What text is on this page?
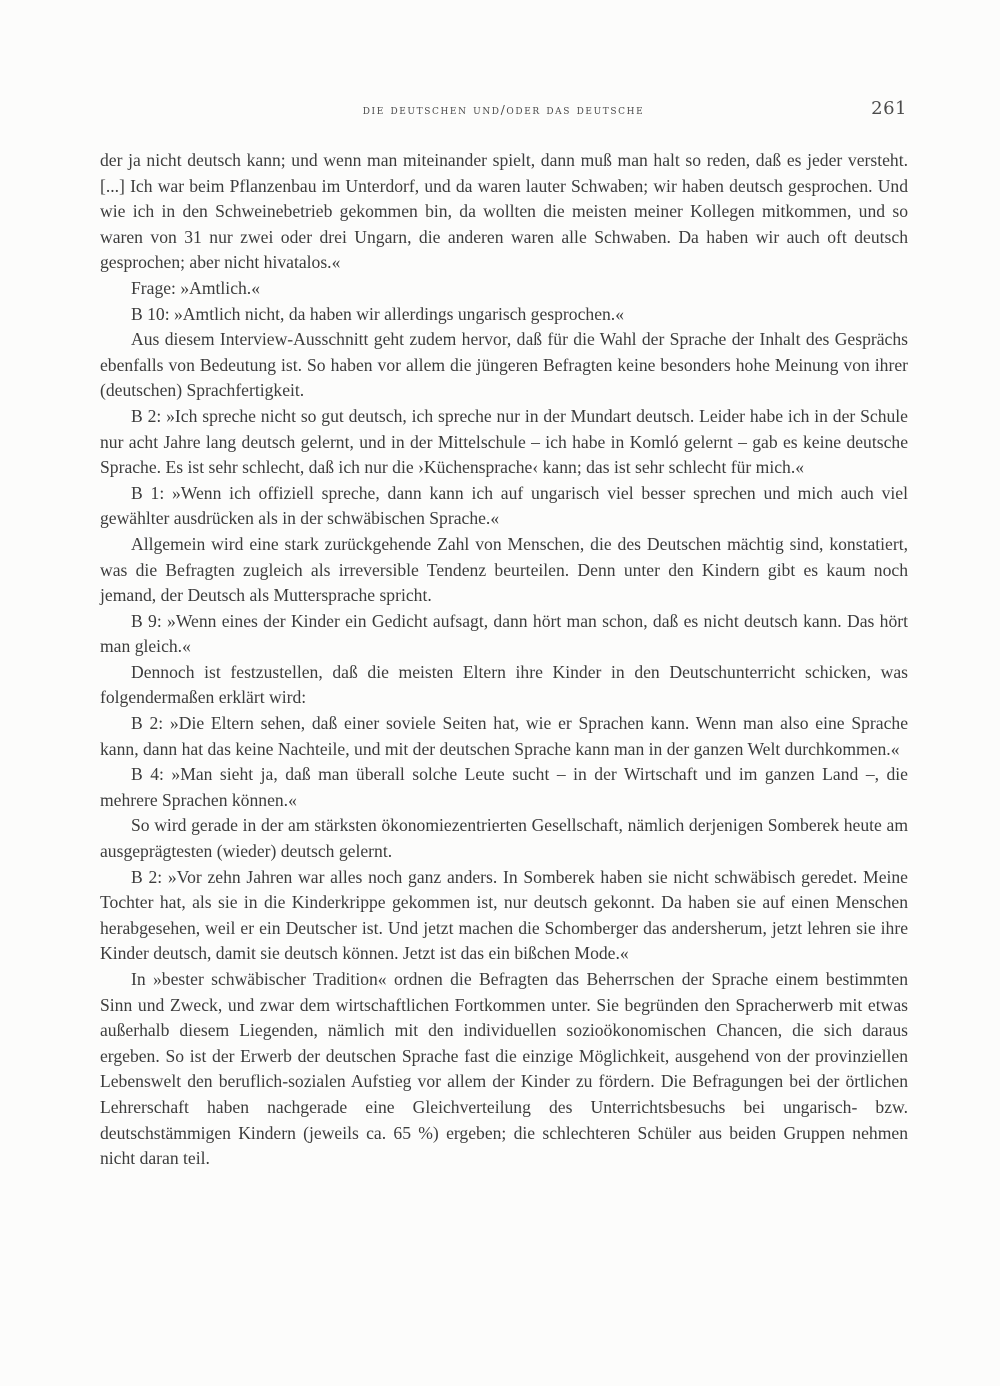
die deutschen und/oder das deutsche	261

der ja nicht deutsch kann; und wenn man miteinander spielt, dann muß man halt so reden, daß es jeder versteht. [...] Ich war beim Pflanzenbau im Unterdorf, und da waren lauter Schwaben; wir haben deutsch gesprochen. Und wie ich in den Schweinebetrieb gekommen bin, da wollten die meisten meiner Kollegen mitkommen, und so waren von 31 nur zwei oder drei Ungarn, die anderen waren alle Schwaben. Da haben wir auch oft deutsch gesprochen; aber nicht hivatalos.«

Frage: »Amtlich.«

B 10: »Amtlich nicht, da haben wir allerdings ungarisch gesprochen.«

Aus diesem Interview-Ausschnitt geht zudem hervor, daß für die Wahl der Sprache der Inhalt des Gesprächs ebenfalls von Bedeutung ist. So haben vor allem die jüngeren Befragten keine besonders hohe Meinung von ihrer (deutschen) Sprachfertigkeit.

B 2: »Ich spreche nicht so gut deutsch, ich spreche nur in der Mundart deutsch. Leider habe ich in der Schule nur acht Jahre lang deutsch gelernt, und in der Mittelschule – ich habe in Komló gelernt – gab es keine deutsche Sprache. Es ist sehr schlecht, daß ich nur die ›Küchensprache‹ kann; das ist sehr schlecht für mich.«

B 1: »Wenn ich offiziell spreche, dann kann ich auf ungarisch viel besser sprechen und mich auch viel gewählter ausdrücken als in der schwäbischen Sprache.«

Allgemein wird eine stark zurückgehende Zahl von Menschen, die des Deutschen mächtig sind, konstatiert, was die Befragten zugleich als irreversible Tendenz beurteilen. Denn unter den Kindern gibt es kaum noch jemand, der Deutsch als Muttersprache spricht.

B 9: »Wenn eines der Kinder ein Gedicht aufsagt, dann hört man schon, daß es nicht deutsch kann. Das hört man gleich.«

Dennoch ist festzustellen, daß die meisten Eltern ihre Kinder in den Deutschunterricht schicken, was folgendermaßen erklärt wird:

B 2: »Die Eltern sehen, daß einer soviele Seiten hat, wie er Sprachen kann. Wenn man also eine Sprache kann, dann hat das keine Nachteile, und mit der deutschen Sprache kann man in der ganzen Welt durchkommen.«

B 4: »Man sieht ja, daß man überall solche Leute sucht – in der Wirtschaft und im ganzen Land –, die mehrere Sprachen können.«

So wird gerade in der am stärksten ökonomiezentrierten Gesellschaft, nämlich derjenigen Somberek heute am ausgeprägtesten (wieder) deutsch gelernt.

B 2: »Vor zehn Jahren war alles noch ganz anders. In Somberek haben sie nicht schwäbisch geredet. Meine Tochter hat, als sie in die Kinderkrippe gekommen ist, nur deutsch gekonnt. Da haben sie auf einen Menschen herabgesehen, weil er ein Deutscher ist. Und jetzt machen die Schomberger das andersherum, jetzt lehren sie ihre Kinder deutsch, damit sie deutsch können. Jetzt ist das ein bißchen Mode.«

In »bester schwäbischer Tradition« ordnen die Befragten das Beherrschen der Sprache einem bestimmten Sinn und Zweck, und zwar dem wirtschaftlichen Fortkommen unter. Sie begründen den Spracherwerb mit etwas außerhalb diesem Liegenden, nämlich mit den individuellen sozioökonomischen Chancen, die sich daraus ergeben. So ist der Erwerb der deutschen Sprache fast die einzige Möglichkeit, ausgehend von der provinziellen Lebenswelt den beruflich-sozialen Aufstieg vor allem der Kinder zu fördern. Die Befragungen bei der örtlichen Lehrerschaft haben nachgerade eine Gleichverteilung des Unterrichtsbesuchs bei ungarisch- bzw. deutschstämmigen Kindern (jeweils ca. 65 %) ergeben; die schlechteren Schüler aus beiden Gruppen nehmen nicht daran teil.
